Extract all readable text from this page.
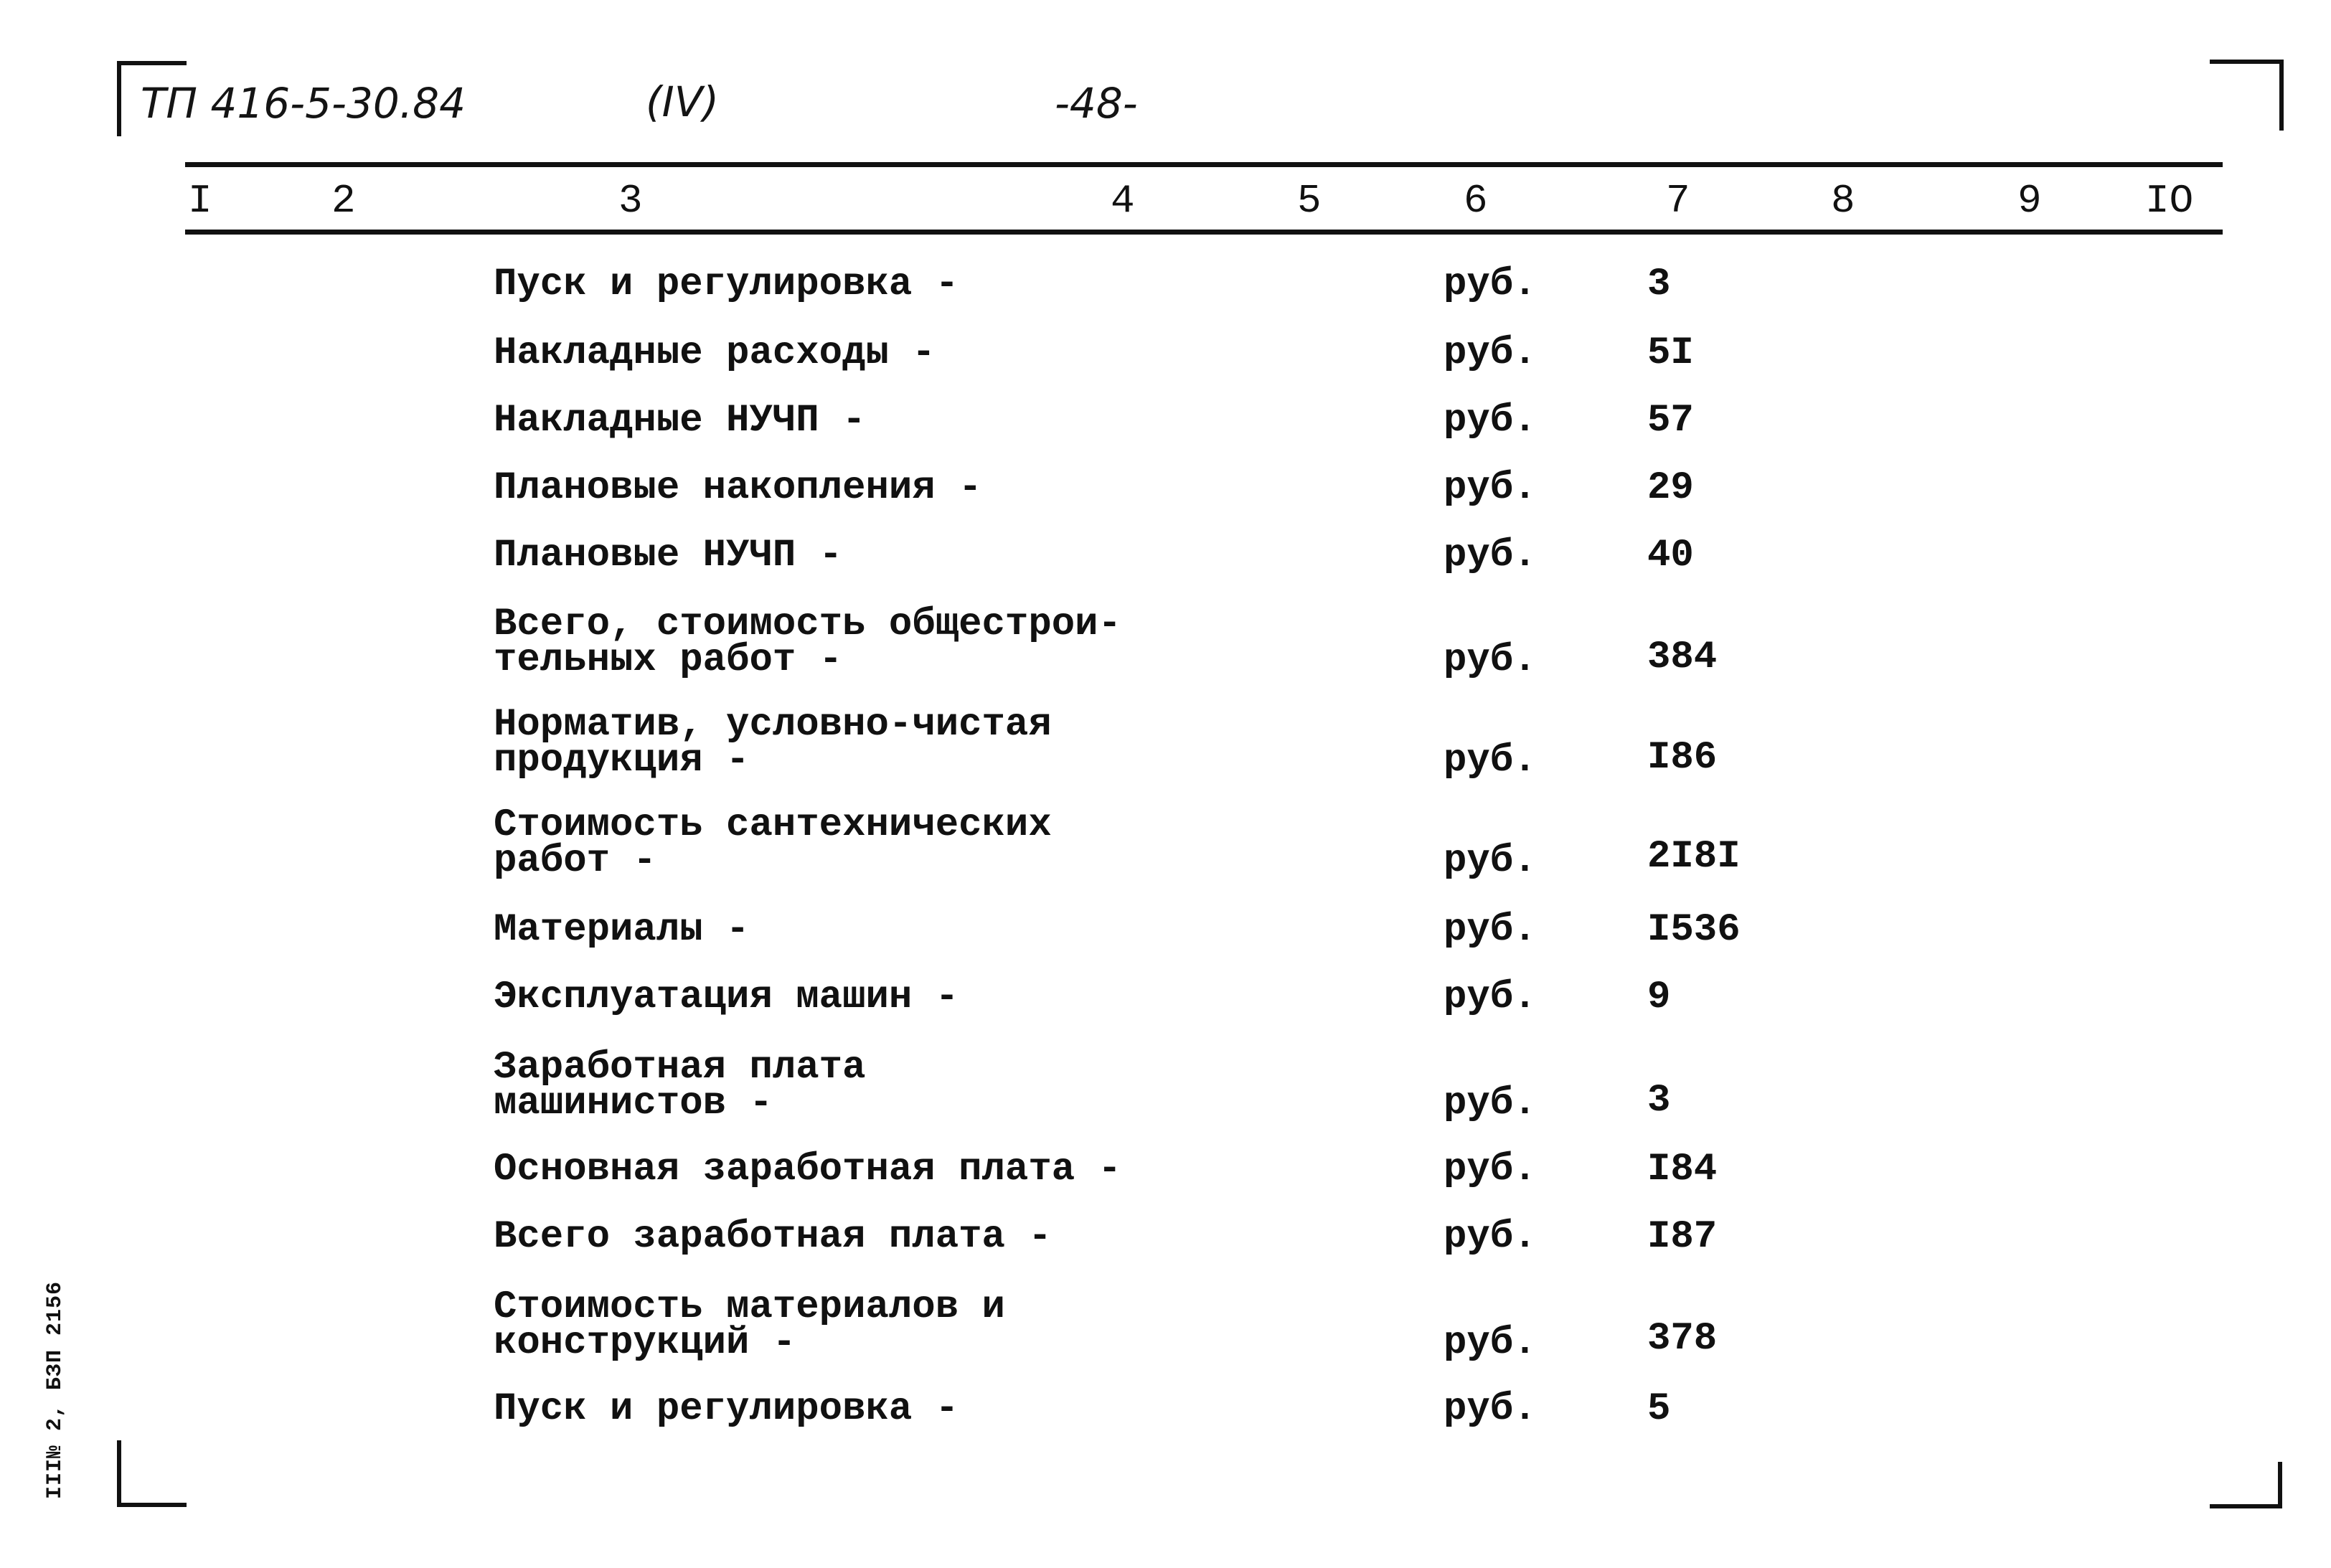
ТП 416-5-30.84	(IV)	-48-
I	2	3	4	5	6	7	8	9	IO
Пуск и регулировка -	руб.	3
Накладные расходы -	руб.	5I
Накладные НУЧП -	руб.	57
Плановые накопления -	руб.	29
Плановые НУЧП -	руб.	40
Всего, стоимость общестрои-
тельных работ -	руб.	384
Норматив, условно-чистая
продукция -	руб.	I86
Стоимость сантехнических
работ -	руб.	2I8I
Материалы -	руб.	I536
Эксплуатация машин -	руб.	9
Заработная плата
машинистов -	руб.	3
Основная заработная плата -	руб.	I84
Всего заработная плата -	руб.	I87
Стоимость материалов и
конструкций -	руб.	378
Пуск и регулировка -	руб.	5
III№ 2, БЗП 2156
